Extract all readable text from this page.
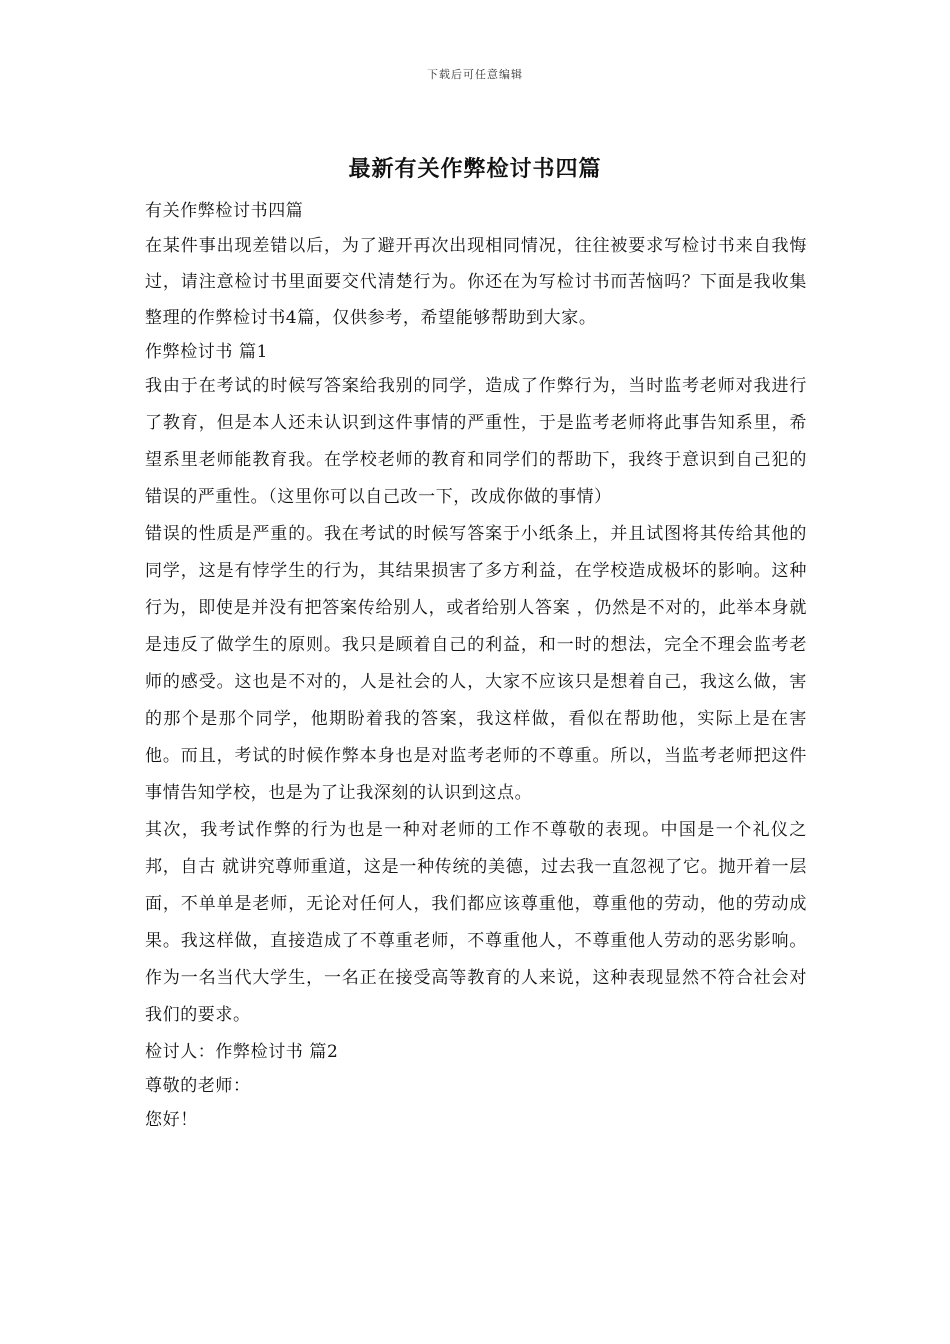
下载后可任意编辑
最新有关作弊检讨书四篇

有关作弊检讨书四篇

在某件事出现差错以后，为了避开再次出现相同情况，往往被要求写检讨书来自我悔过，请注意检讨书里面要交代清楚行为。你还在为写检讨书而苦恼吗？下面是我收集整理的作弊检讨书4篇，仅供参考，希望能够帮助到大家。

作弊检讨书 篇1

我由于在考试的时候写答案给我别的同学，造成了作弊行为，当时监考老师对我进行了教育，但是本人还未认识到这件事情的严重性，于是监考老师将此事告知系里，希望系里老师能教育我。在学校老师的教育和同学们的帮助下，我终于意识到自己犯的错误的严重性。（这里你可以自己改一下，改成你做的事情）

错误的性质是严重的。我在考试的时候写答案于小纸条上，并且试图将其传给其他的同学，这是有悖学生的行为，其结果损害了多方利益，在学校造成极坏的影响。这种行为，即使是并没有把答案传给别人，或者给别人答案 ，仍然是不对的，此举本身就是违反了做学生的原则。我只是顾着自己的利益，和一时的想法，完全不理会监考老师的感受。这也是不对的，人是社会的人，大家不应该只是想着自己，我这么做，害的那个是那个同学，他期盼着我的答案，我这样做，看似在帮助他，实际上是在害他。而且，考试的时候作弊本身也是对监考老师的不尊重。所以，当监考老师把这件事情告知学校，也是为了让我深刻的认识到这点。

其次，我考试作弊的行为也是一种对老师的工作不尊敬的表现。中国是一个礼仪之邦，自古 就讲究尊师重道，这是一种传统的美德，过去我一直忽视了它。抛开着一层面，不单单是老师，无论对任何人，我们都应该尊重他，尊重他的劳动，他的劳动成果。我这样做，直接造成了不尊重老师，不尊重他人，不尊重他人劳动的恶劣影响。作为一名当代大学生，一名正在接受高等教育的人来说，这种表现显然不符合社会对我们的要求。

检讨人：作弊检讨书 篇2

尊敬的老师：

您好！
